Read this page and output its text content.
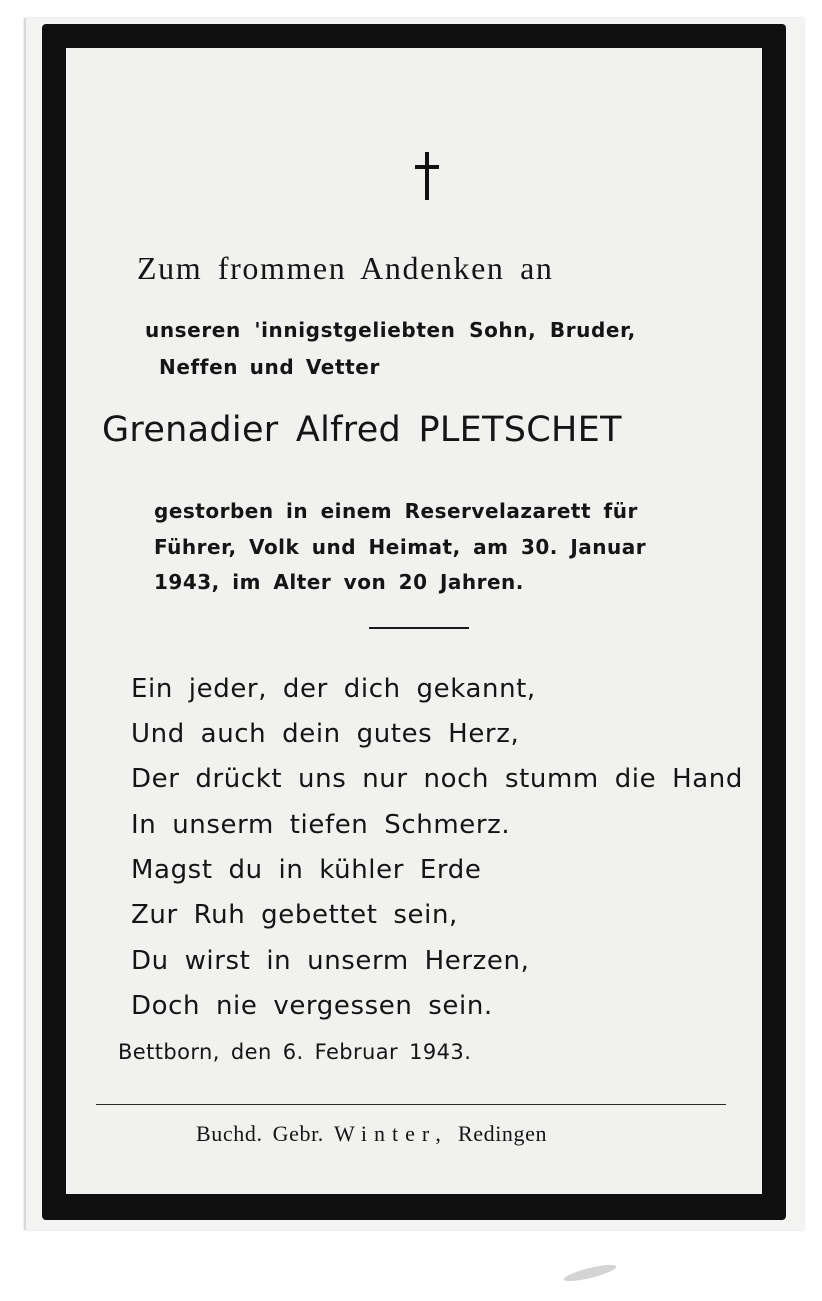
Zum frommen Andenken an
unseren 'innigstgeliebten Sohn, Bruder,
Neffen und Vetter
Grenadier Alfred PLETSCHET
gestorben in einem Reservelazarett für
Führer, Volk und Heimat, am 30. Januar
1943, im Alter von 20 Jahren.
Ein jeder, der dich gekannt,
Und auch dein gutes Herz,
Der drückt uns nur noch stumm die Hand
In unserm tiefen Schmerz.
Magst du in kühler Erde
Zur Ruh gebettet sein,
Du wirst in unserm Herzen,
Doch nie vergessen sein.
Bettborn, den 6. Februar 1943.
Buchd. Gebr. Winter, Redingen
